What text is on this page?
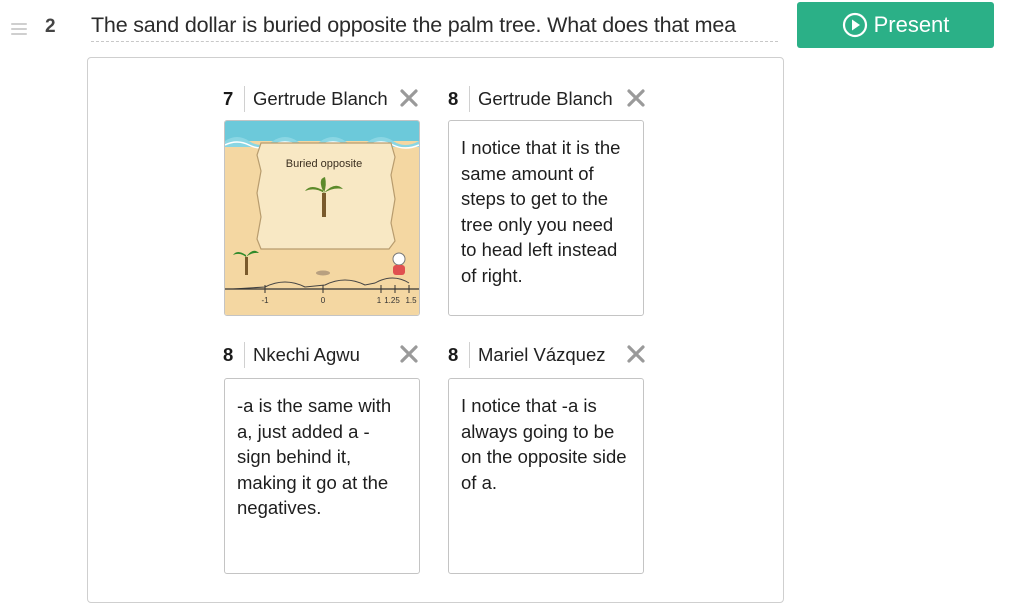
2 The sand dollar is buried opposite the palm tree. What does that mea	Present
7	Gertrude Blanch
Buried opposite
-1	0	1 1.25 1.5
8	Gertrude Blanch
I notice that it is the same amount of steps to get to the tree only you need to head left instead of right.
8	Nkechi Agwu
-a is the same with a, just added a - sign behind it, making it go at the negatives.
8	Mariel Vázquez
I notice that -a is always going to be on the opposite side of a.
